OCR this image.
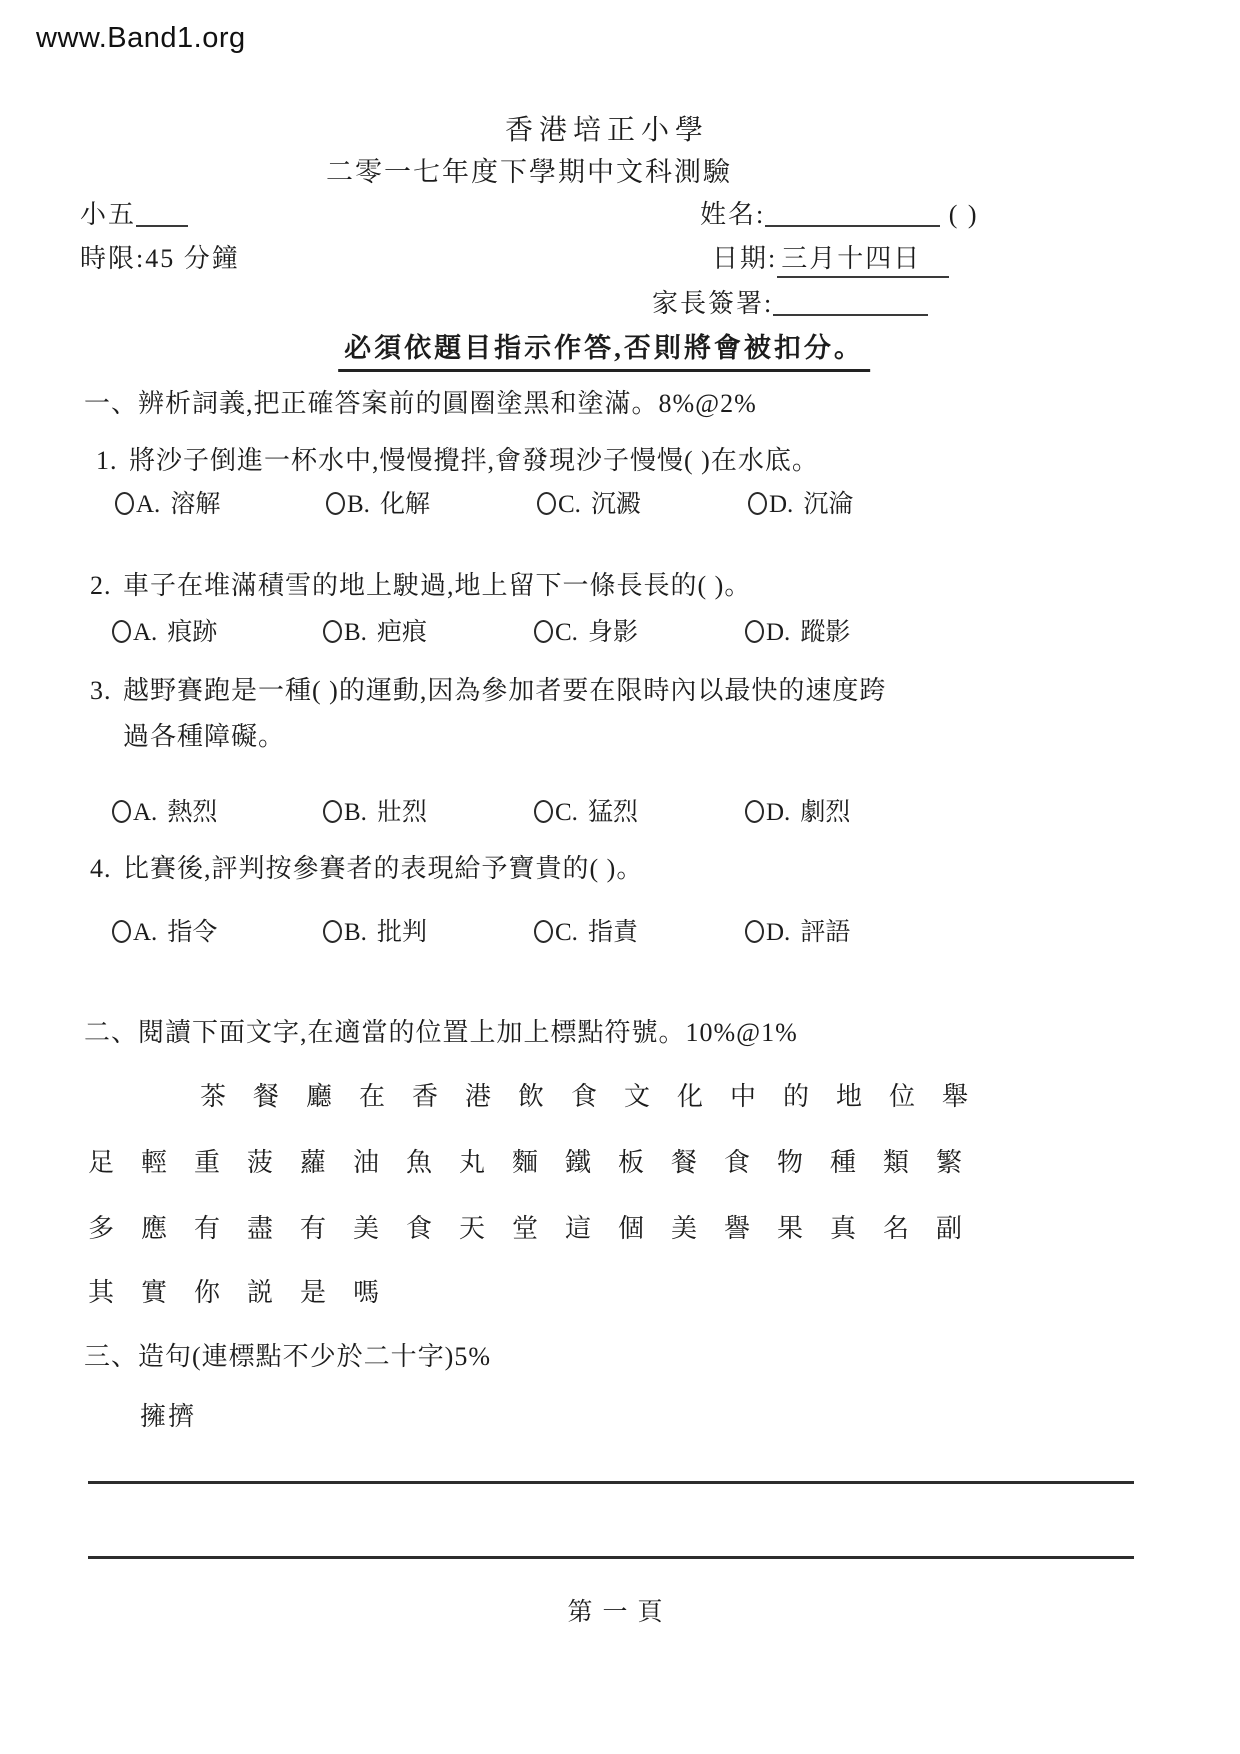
www.Band1.org
香港培正小學
二零一七年度下學期中文科測驗
小五
時限:45 分鐘
姓名:	( )
日期: 三月十四日
家長簽署:
必須依題目指示作答,否則將會被扣分。
一、辨析詞義,把正確答案前的圓圈塗黑和塗滿。8%@2%
1. 將沙子倒進一杯水中,慢慢攪拌,會發現沙子慢慢( )在水底。
A. 溶解	B. 化解	C. 沉澱	D. 沉淪
2. 車子在堆滿積雪的地上駛過,地上留下一條長長的( )。
A. 痕跡	B. 疤痕	C. 身影	D. 蹤影
3. 越野賽跑是一種( )的運動,因為參加者要在限時內以最快的速度跨
過各種障礙。
A. 熱烈	B. 壯烈	C. 猛烈	D. 劇烈
4. 比賽後,評判按參賽者的表現給予寶貴的( )。
A. 指令	B. 批判	C. 指責	D. 評語
二、閱讀下面文字,在適當的位置上加上標點符號。10%@1%
茶餐廳在香港飲食文化中的地位舉
足輕重菠蘿油魚丸麵鐵板餐食物種類繁
多應有盡有美食天堂這個美譽果真名副
其實你説是嗎
三、造句(連標點不少於二十字)5%
擁擠
第一頁
